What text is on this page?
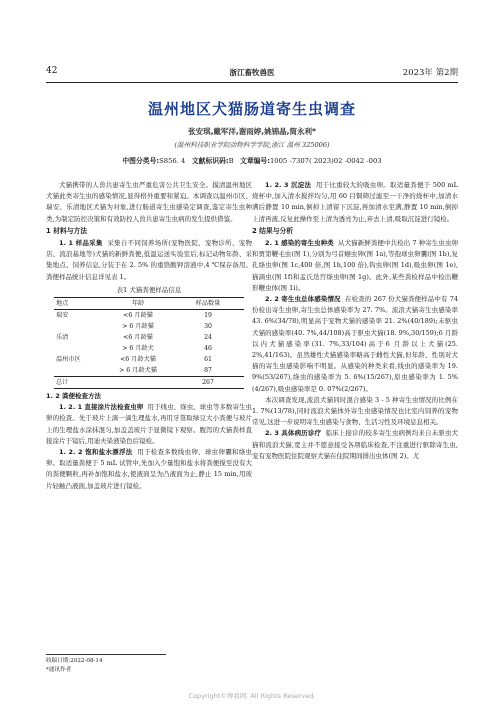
42	浙江畜牧兽医	2023年 第2期
温州地区犬猫肠道寄生虫调查
张安琪,戴军洋,谢雨婷,姚锦晶,简永利*
(温州科技职业学院动物科学学院,浙江 温州 325006)
中图分类号:S856. 4 文献标识码:B 文章编号:1005 -7307( 2023)02 -0042 -003

犬猫携带的人兽共患寄生虫严重危害公共卫生安全。摸清温州地区犬猫此类寄生虫的感染情况,显得格外重要和紧迫。本调查以温州市区、瑞安、乐清地区犬猫为对象,进行肠道寄生虫感染定调查,鉴定寄生虫种类,为制定防控决策和有效防控人兽共患寄生虫病的发生提供借鉴。

1 材料与方法

1. 1 样品采集 采集自不同饲养场所(宠物医院、宠物诊所、宠物店、流浪基地等)犬猫的新鲜粪便,低温运送实验室后,标记动物年龄、采集地点、饲养信息,分装于在 2. 5% 的重铬酸钾溶液中,4 ℃保存备用。粪便样品统计信息详见表 1。

表1 犬猫粪便样品信息
地点	年龄	样品数量
瑞安	<6 月龄猫	19
	> 6 月龄猫	30
乐清	<6 月龄猫	24
	> 6 月龄犬	46
温州市区	<6 月龄犬猫	61
	> 6 月龄犬猫	87
总计		267
1. 2 粪便检查方法

1. 2. 1 直接涂片法检查虫卵 用于线虫、绦虫、球虫等多数寄生虫卵的检查。先于玻片上滴一滴生理盐水,再用牙签取绿豆大小粪便与玻片上的生理盐水涂抹混匀,加盖盖玻片于显微镜下观察。腹泻的犬猫粪样直接涂片于镜后,用迪夫染液染色后镜检。

1. 2. 2 饱和盐水漂浮法 用于检查多数线虫卵、球虫卵囊和绦虫卵。取适量粪便于 5 mL 试管中,先加入少量饱和盐水将粪便搅至没有大的粪便颗粒,再补加饱和盐水,使液面呈为凸液面为止,静止 15 min,用玻片轻触凸液面,加盖玻片进行镜检。

1. 2. 3 沉淀法 用于比重较大的吸虫卵。取适量粪便于 500 mL 烧杯中,加入清水搅拌均匀,用 60 目铜筛过滤至一干净的烧杯中,加清水满后静置 10 min,倒掉上清留下沉淀,再加清水至满,静置 10 min,倒掉上清再液,反复此操作至上清为透亮为止,弃去上清,吸取沉淀进行镜检。

2 结果与分析

2. 1 感染的寄生虫种类 从犬猫新鲜粪便中共检出 7 种寄生虫虫卵和贾第鞭毛虫(图 1),分别为弓首蛔虫卵(图 1a),等孢球虫卵囊(图 1b),复孔绦虫卵(图 1c,400 倍,图 1h,100 倍),钩虫卵(图 1d),吸虫卵(图 1e),猫滴虫(图 1f)和孟氏迭宫绦虫卵(图 1g)。此外,某些粪检样品中检出鞭形鞭虫体(图 1i)。

2. 2 寄生虫总体感染情况 在检查的 267 份犬猫粪便样品中有 74 份检出寄生虫卵,寄生虫总体感染率为 27. 7%。流浪犬猫寄生虫感染率 43. 6%(34/78),明显高于宠物犬猫的感染率 21. 2%(40/189);未驱虫犬猫的感染率(40. 7%,44/108)高于驱虫犬猫(18. 9%,30/159);6 月龄以内犬猫感染率(31. 7%,33/104)高于6 月龄以上犬猫(25. 2%,41/163)。虽然雄性犬猫感染率略高于雌性犬猫,但年龄、性别对犬猫的寄生虫感染影响不明显。从感染的种类来看,线虫的感染率为 19. 9%(53/267),绦虫的感染率为 5. 6%(15/267),原虫感染率为 1. 5%(4/267),吸虫感染率是 0. 07%(2/267)。

本次调查发现,流浪犬猫同时混合感染 3 - 5 种寄生虫情况的比例在 1. 7%(13/78),同时流浪犬猫体外寄生虫感染情况也比室内饲养的宠物常见,这进一步说明寄生虫感染与食物、生活习性及环境息息相关。

2. 3 具体病历诊疗 临床上接诊的较多寄生虫病例均来自未驱虫犬猫和流浪犬猫,宽主并不愿意接受各项临床检查,不注重进行驱除寄生虫,宠有宠物医院住院观察犬猫在住院期间排出虫体(图 2)。尤

收稿日期:2022-08-14
*通讯作者
Copyright©博看网. All Rights Reserved.
